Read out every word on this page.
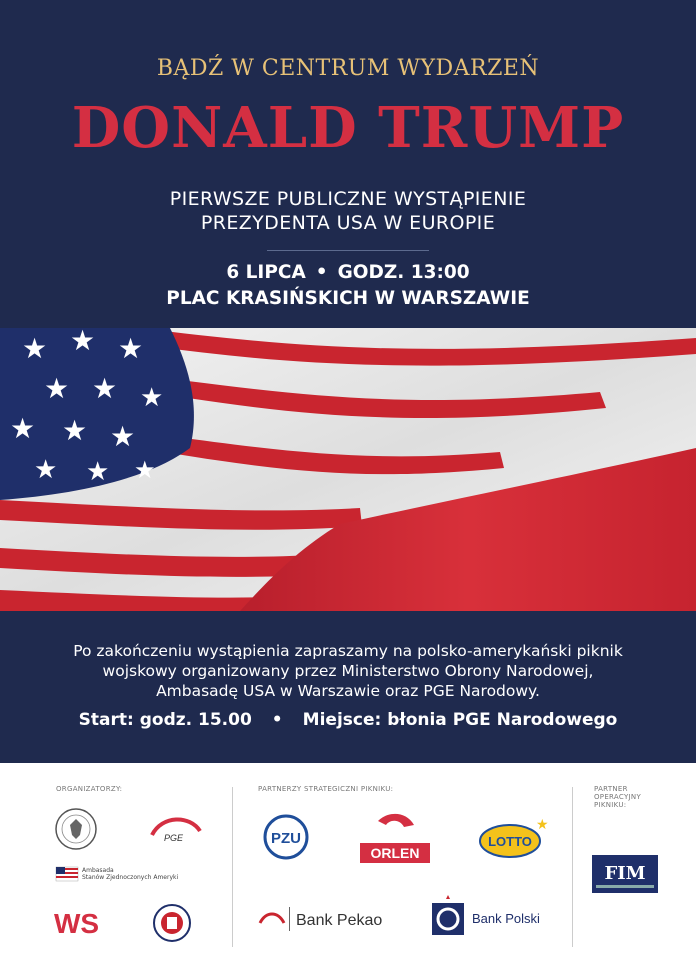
BĄDŹ W CENTRUM WYDARZEŃ
DONALD TRUMP
PIERWSZE PUBLICZNE WYSTĄPIENIE
PREZYDENTA USA W EUROPIE
6 LIPCA • GODZ. 13:00
PLAC KRASIŃSKICH W WARSZAWIE
★ ★ ★
★ ★ ★
★ ★ ★
★ ★ ★
Po zakończeniu wystąpienia zapraszamy na polsko-amerykański piknik
wojskowy organizowany przez Ministerstwo Obrony Narodowej,
Ambasadę USA w Warszawie oraz PGE Narodowy.
Start: godz. 15.00 • Miejsce: błonia PGE Narodowego
ORGANIZATORZY:	PARTNERZY STRATEGICZNI PIKNIKU:	PARTNER
OPERACYJNY
PIKNIKU:
PGE
Ambasada
Stanów Zjednoczonych Ameryki
WS
PZU
ORLEN
LOTTO
★
Bank Pekao	Bank Polski
FIM
